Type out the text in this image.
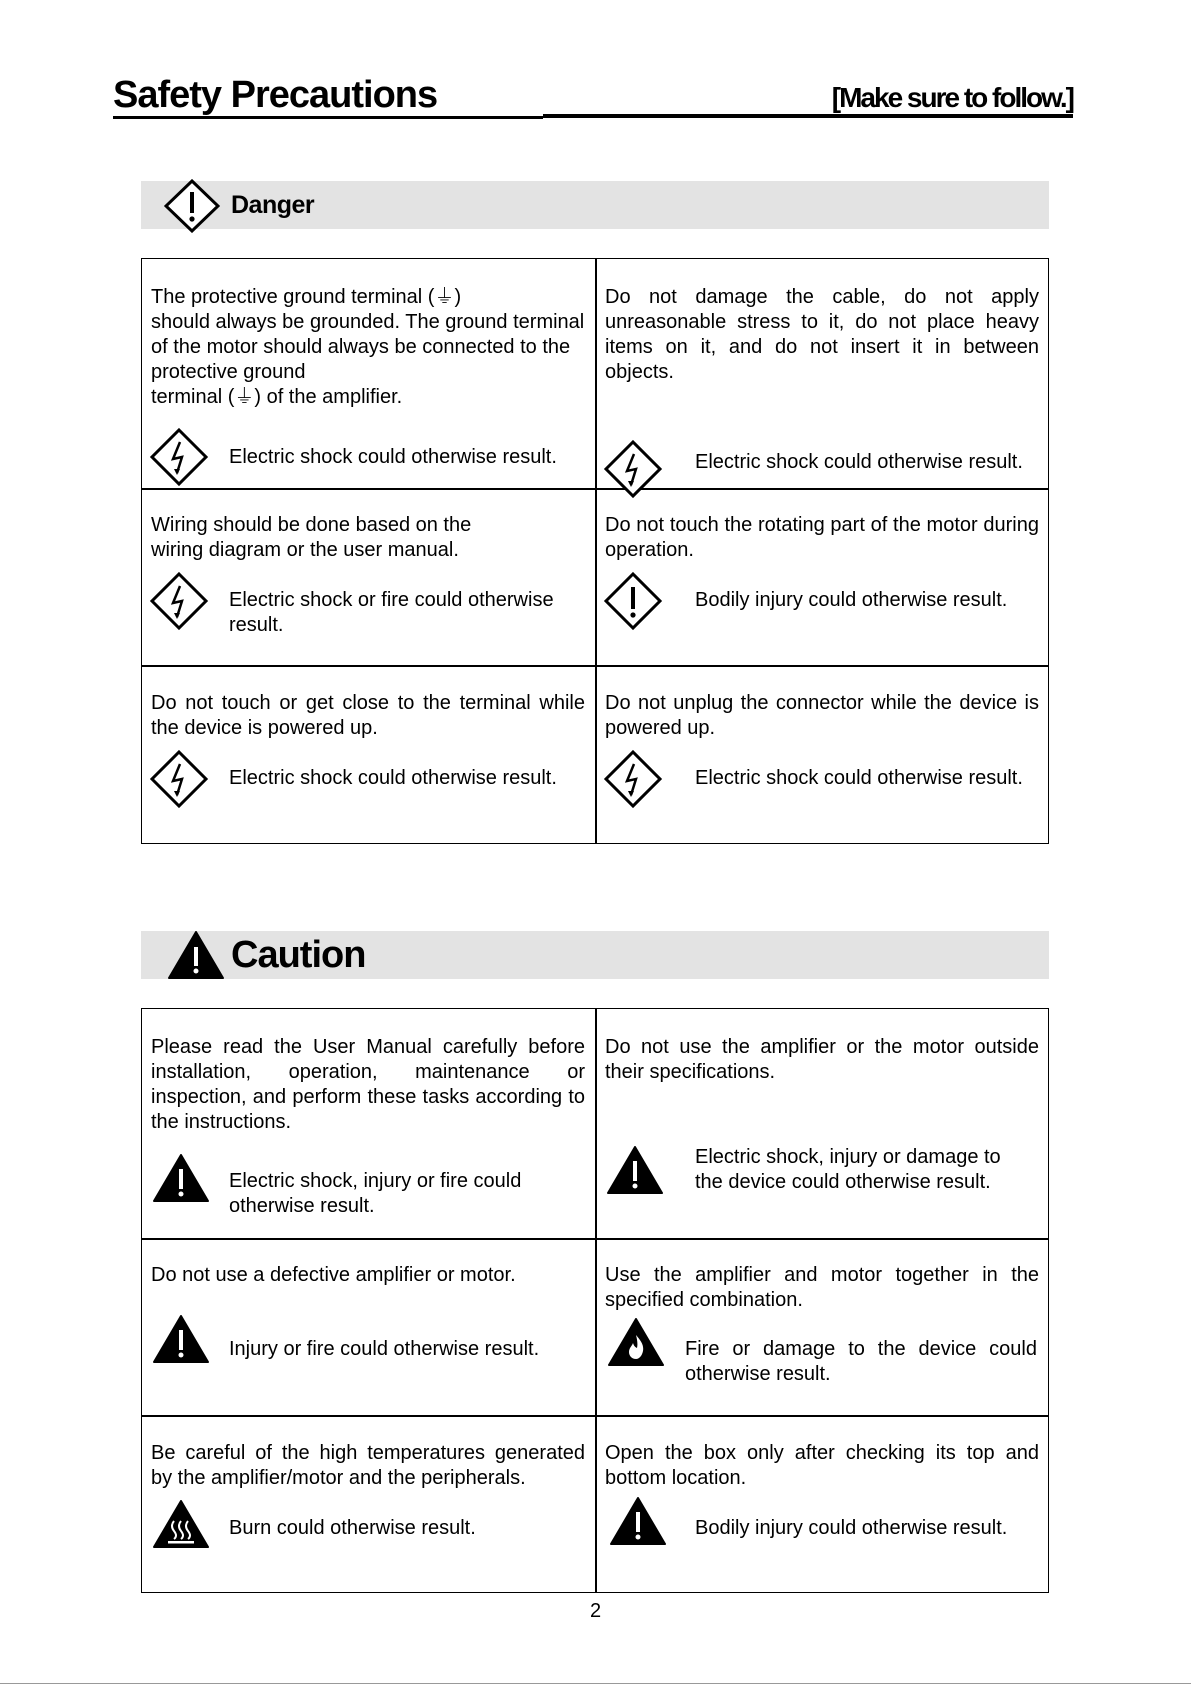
Safety Precautions	[Make sure to follow.]
Danger
The protective ground terminal (⏚)
should always be grounded. The ground terminal of the motor should always be connected to the protective ground
terminal (⏚) of the amplifier.
Electric shock could otherwise result.
Do not damage the cable, do not apply unreasonable stress to it, do not place heavy items on it, and do not insert it in between objects.
Electric shock could otherwise result.
Wiring should be done based on the
wiring diagram or the user manual.
Electric shock or fire could otherwise
result.
Do not touch the rotating part of the motor during operation.
Bodily injury could otherwise result.
Do not touch or get close to the terminal while the device is powered up.
Electric shock could otherwise result.
Do not unplug the connector while the device is powered up.
Electric shock could otherwise result.
Caution
Please read the User Manual carefully before installation, operation, maintenance or inspection, and perform these tasks according to the instructions.
Electric shock, injury or fire could
otherwise result.
Do not use the amplifier or the motor outside their specifications.
Electric shock, injury or damage to
the device could otherwise result.
Do not use a defective amplifier or motor.
Injury or fire could otherwise result.
Use the amplifier and motor together in the specified combination.
Fire or damage to the device could otherwise result.
Be careful of the high temperatures generated by the amplifier/motor and the peripherals.
Burn could otherwise result.
Open the box only after checking its top and bottom location.
Bodily injury could otherwise result.
2
